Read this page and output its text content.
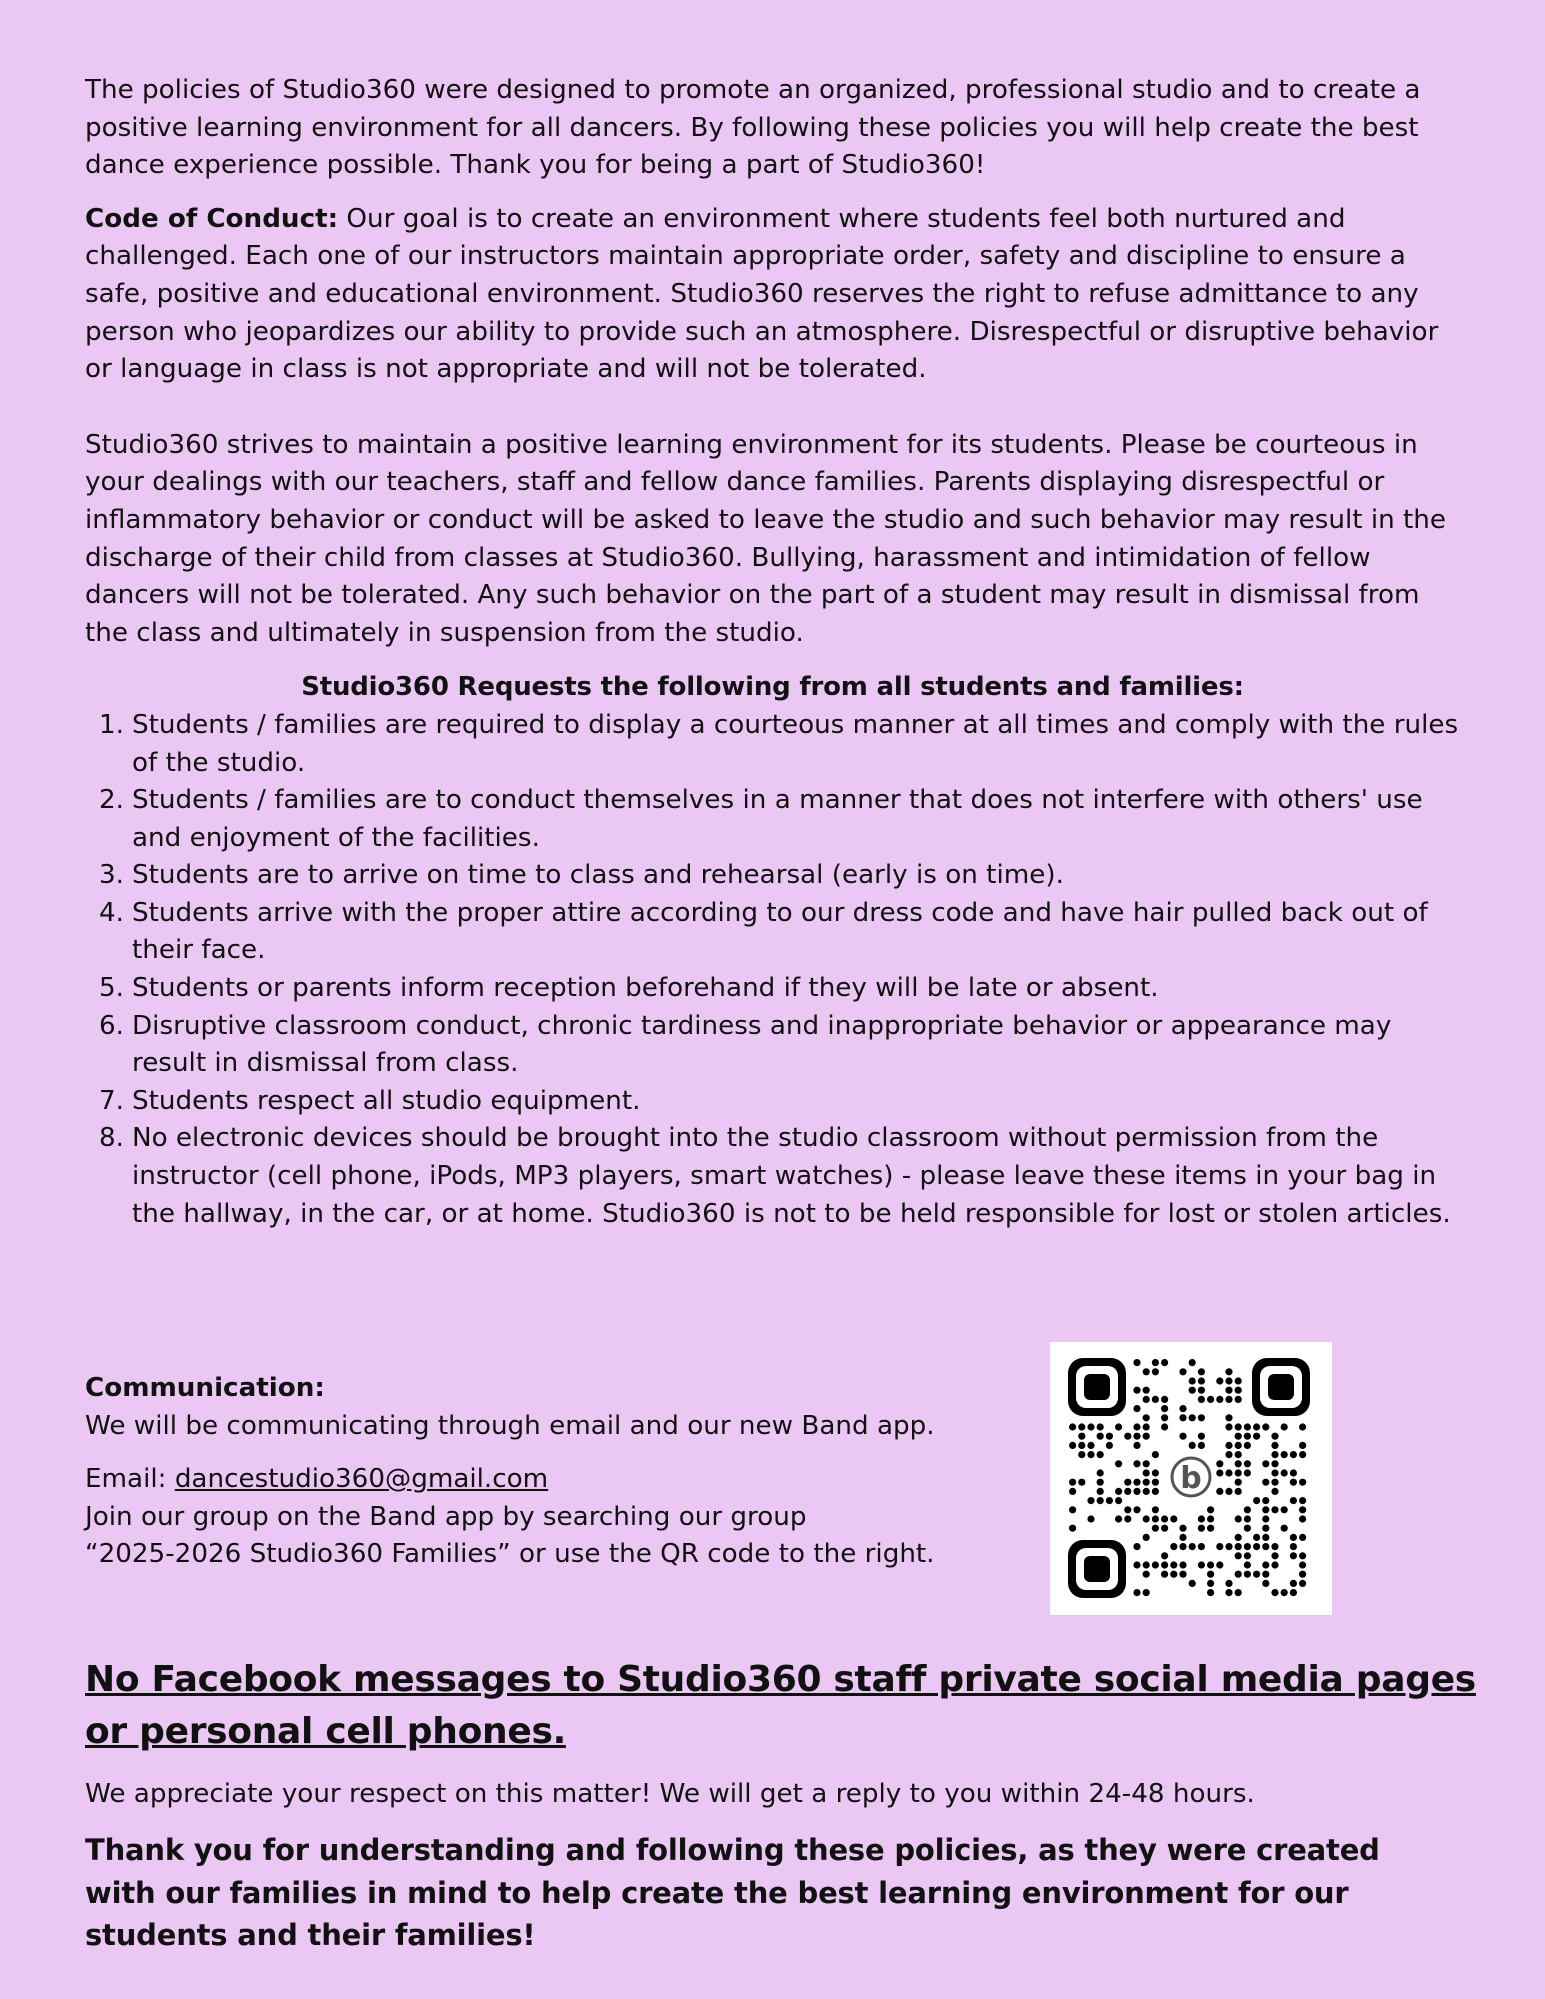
The policies of Studio360 were designed to promote an organized, professional studio and to create a positive learning environment for all dancers. By following these policies you will help create the best dance experience possible. Thank you for being a part of Studio360!

Code of Conduct: Our goal is to create an environment where students feel both nurtured and challenged. Each one of our instructors maintain appropriate order, safety and discipline to ensure a safe, positive and educational environment. Studio360 reserves the right to refuse admittance to any person who jeopardizes our ability to provide such an atmosphere. Disrespectful or disruptive behavior or language in class is not appropriate and will not be tolerated.

Studio360 strives to maintain a positive learning environment for its students. Please be courteous in your dealings with our teachers, staff and fellow dance families. Parents displaying disrespectful or inflammatory behavior or conduct will be asked to leave the studio and such behavior may result in the discharge of their child from classes at Studio360. Bullying, harassment and intimidation of fellow dancers will not be tolerated. Any such behavior on the part of a student may result in dismissal from the class and ultimately in suspension from the studio.

Studio360 Requests the following from all students and families:

1. Students / families are required to display a courteous manner at all times and comply with the rules of the studio.
2. Students / families are to conduct themselves in a manner that does not interfere with others' use and enjoyment of the facilities.
3. Students are to arrive on time to class and rehearsal (early is on time).
4. Students arrive with the proper attire according to our dress code and have hair pulled back out of their face.
5. Students or parents inform reception beforehand if they will be late or absent.
6. Disruptive classroom conduct, chronic tardiness and inappropriate behavior or appearance may result in dismissal from class.
7. Students respect all studio equipment.
8. No electronic devices should be brought into the studio classroom without permission from the instructor (cell phone, iPods, MP3 players, smart watches) - please leave these items in your bag in the hallway, in the car, or at home. Studio360 is not to be held responsible for lost or stolen articles.

Communication:

We will be communicating through email and our new Band app.

Email: dancestudio360@gmail.com

Join our group on the Band app by searching our group

“2025-2026 Studio360 Families” or use the QR code to the right.

b

No Facebook messages to Studio360 staff private social media pages or personal cell phones.

We appreciate your respect on this matter! We will get a reply to you within 24-48 hours.

Thank you for understanding and following these policies, as they were created with our families in mind to help create the best learning environment for our students and their families!
